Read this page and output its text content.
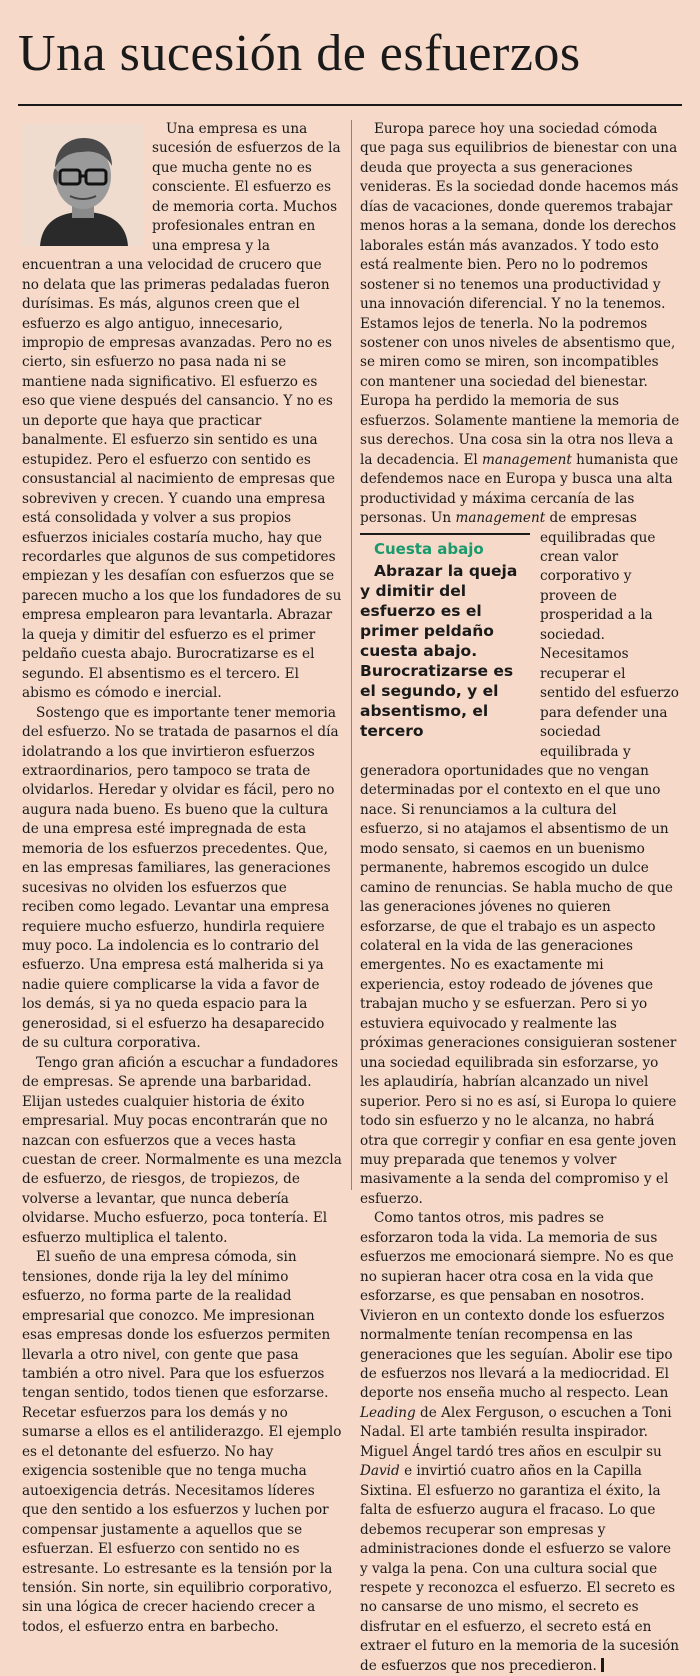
Una sucesión de esfuerzos

Una empresa es una sucesión de esfuerzos de la que mucha gente no es consciente. El esfuerzo es de memoria corta. Muchos profesionales entran en una empresa y la encuentran a una velocidad de crucero que no delata que las primeras pedaladas fueron durísimas. Es más, algunos creen que el esfuerzo es algo antiguo, innecesario, impropio de empresas avanzadas. Pero no es cierto, sin esfuerzo no pasa nada ni se mantiene nada significativo. El esfuerzo es eso que viene después del cansancio. Y no es un deporte que haya que practicar banalmente. El esfuerzo sin sentido es una estupidez. Pero el esfuerzo con sentido es consustancial al nacimiento de empresas que sobreviven y crecen. Y cuando una empresa está consolidada y volver a sus propios esfuerzos iniciales costaría mucho, hay que recordarles que algunos de sus competidores empiezan y les desafían con esfuerzos que se parecen mucho a los que los fundadores de su empresa emplearon para levantarla. Abrazar la queja y dimitir del esfuerzo es el primer peldaño cuesta abajo. Burocratizarse es el segundo. El absentismo es el tercero. El abismo es cómodo e inercial.

Sostengo que es importante tener memoria del esfuerzo. No se tratada de pasarnos el día idolatrando a los que invirtieron esfuerzos extraordinarios, pero tampoco se trata de olvidarlos. Heredar y olvidar es fácil, pero no augura nada bueno. Es bueno que la cultura de una empresa esté impregnada de esta memoria de los esfuerzos precedentes. Que, en las empresas familiares, las generaciones sucesivas no olviden los esfuerzos que reciben como legado. Levantar una empresa requiere mucho esfuerzo, hundirla requiere muy poco. La indolencia es lo contrario del esfuerzo. Una empresa está malherida si ya nadie quiere complicarse la vida a favor de los demás, si ya no queda espacio para la generosidad, si el esfuerzo ha desaparecido de su cultura corporativa.

Tengo gran afición a escuchar a fundadores de empresas. Se aprende una barbaridad. Elijan ustedes cualquier historia de éxito empresarial. Muy pocas encontrarán que no nazcan con esfuerzos que a veces hasta cuestan de creer. Normalmente es una mezcla de esfuerzo, de riesgos, de tropiezos, de volverse a levantar, que nunca debería olvidarse. Mucho esfuerzo, poca tontería. El esfuerzo multiplica el talento.

El sueño de una empresa cómoda, sin tensiones, donde rija la ley del mínimo esfuerzo, no forma parte de la realidad empresarial que conozco. Me impresionan esas empresas donde los esfuerzos permiten llevarla a otro nivel, con gente que pasa también a otro nivel. Para que los esfuerzos tengan sentido, todos tienen que esforzarse. Recetar esfuerzos para los demás y no sumarse a ellos es el antiliderazgo. El ejemplo es el detonante del esfuerzo. No hay exigencia sostenible que no tenga mucha autoexigencia detrás. Necesitamos líderes que den sentido a los esfuerzos y luchen por compensar justamente a aquellos que se esfuerzan. El esfuerzo con sentido no es estresante. Lo estresante es la tensión por la tensión. Sin norte, sin equilibrio corporativo, sin una lógica de crecer haciendo crecer a todos, el esfuerzo entra en barbecho.

Europa parece hoy una sociedad cómoda que paga sus equilibrios de bienestar con una deuda que proyecta a sus generaciones venideras. Es la sociedad donde hacemos más días de vacaciones, donde queremos trabajar menos horas a la semana, donde los derechos laborales están más avanzados. Y todo esto está realmente bien. Pero no lo podremos sostener si no tenemos una productividad y una innovación diferencial. Y no la tenemos. Estamos lejos de tenerla. No la podremos sostener con unos niveles de absentismo que, se miren como se miren, son incompatibles con mantener una sociedad del bienestar. Europa ha perdido la memoria de sus esfuerzos. Solamente mantiene la memoria de sus derechos. Una cosa sin la otra nos lleva a la decadencia. El management humanista que defendemos nace en Europa y busca una alta productividad y máxima cercanía de las personas. Un management
Cuesta abajo
Abrazar la queja y dimitir del esfuerzo es el primer peldaño cuesta abajo. Burocratizarse es el segundo, y el absentismo, el tercero
de empresas equilibradas que crean valor corporativo y proveen de prosperidad a la sociedad. Necesitamos recuperar el sentido del esfuerzo para defender una sociedad equilibrada y generadora oportunidades que no vengan determinadas por el contexto en el que uno nace. Si renunciamos a la cultura del esfuerzo, si no atajamos el absentismo de un modo sensato, si caemos en un buenismo permanente, habremos escogido un dulce camino de renuncias. Se habla mucho de que las generaciones jóvenes no quieren esforzarse, de que el trabajo es un aspecto colateral en la vida de las generaciones emergentes. No es exactamente mi experiencia, estoy rodeado de jóvenes que trabajan mucho y se esfuerzan. Pero si yo estuviera equivocado y realmente las próximas generaciones consiguieran sostener una sociedad equilibrada sin esforzarse, yo les aplaudiría, habrían alcanzado un nivel superior. Pero si no es así, si Europa lo quiere todo sin esfuerzo y no le alcanza, no habrá otra que corregir y confiar en esa gente joven muy preparada que tenemos y volver masivamente a la senda del compromiso y el esfuerzo.

Como tantos otros, mis padres se esforzaron toda la vida. La memoria de sus esfuerzos me emocionará siempre. No es que no supieran hacer otra cosa en la vida que esforzarse, es que pensaban en nosotros. Vivieron en un contexto donde los esfuerzos normalmente tenían recompensa en las generaciones que les seguían. Abolir ese tipo de esfuerzos nos llevará a la mediocridad. El deporte nos enseña mucho al respecto. Lean Leading de Alex Ferguson, o escuchen a Toni Nadal. El arte también resulta inspirador. Miguel Ángel tardó tres años en esculpir su David e invirtió cuatro años en la Capilla Sixtina. El esfuerzo no garantiza el éxito, la falta de esfuerzo augura el fracaso. Lo que debemos recuperar son empresas y administraciones donde el esfuerzo se valore y valga la pena. Con una cultura social que respete y reconozca el esfuerzo. El secreto es no cansarse de uno mismo, el secreto es disfrutar en el esfuerzo, el secreto está en extraer el futuro en la memoria de la sucesión de esfuerzos que nos precedieron.
